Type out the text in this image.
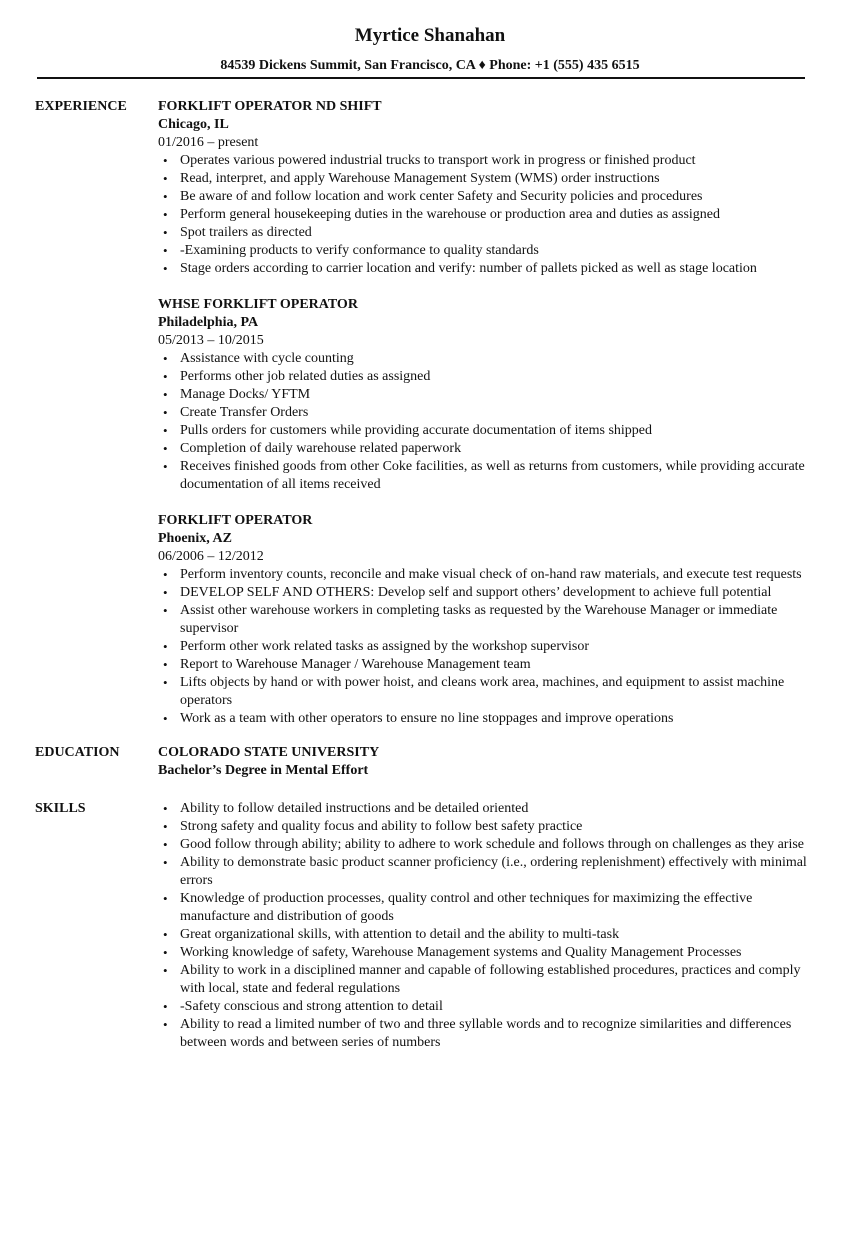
Myrtice Shanahan
84539 Dickens Summit, San Francisco, CA ♦ Phone: +1 (555) 435 6515
EXPERIENCE	FORKLIFT OPERATOR ND SHIFT
Chicago, IL
01/2016 – present
• Operates various powered industrial trucks to transport work in progress or finished product
• Read, interpret, and apply Warehouse Management System (WMS) order instructions
• Be aware of and follow location and work center Safety and Security policies and procedures
• Perform general housekeeping duties in the warehouse or production area and duties as assigned
• Spot trailers as directed
• -Examining products to verify conformance to quality standards
• Stage orders according to carrier location and verify: number of pallets picked as well as stage location
WHSE FORKLIFT OPERATOR
Philadelphia, PA
05/2013 – 10/2015
• Assistance with cycle counting
• Performs other job related duties as assigned
• Manage Docks/ YFTM
• Create Transfer Orders
• Pulls orders for customers while providing accurate documentation of items shipped
• Completion of daily warehouse related paperwork
• Receives finished goods from other Coke facilities, as well as returns from customers, while providing accurate documentation of all items received
FORKLIFT OPERATOR
Phoenix, AZ
06/2006 – 12/2012
• Perform inventory counts, reconcile and make visual check of on-hand raw materials, and execute test requests
• DEVELOP SELF AND OTHERS: Develop self and support others’ development to achieve full potential
• Assist other warehouse workers in completing tasks as requested by the Warehouse Manager or immediate supervisor
• Perform other work related tasks as assigned by the workshop supervisor
• Report to Warehouse Manager / Warehouse Management team
• Lifts objects by hand or with power hoist, and cleans work area, machines, and equipment to assist machine operators
• Work as a team with other operators to ensure no line stoppages and improve operations
EDUCATION	COLORADO STATE UNIVERSITY
Bachelor’s Degree in Mental Effort
SKILLS	• Ability to follow detailed instructions and be detailed oriented
• Strong safety and quality focus and ability to follow best safety practice
• Good follow through ability; ability to adhere to work schedule and follows through on challenges as they arise
• Ability to demonstrate basic product scanner proficiency (i.e., ordering replenishment) effectively with minimal errors
• Knowledge of production processes, quality control and other techniques for maximizing the effective manufacture and distribution of goods
• Great organizational skills, with attention to detail and the ability to multi-task
• Working knowledge of safety, Warehouse Management systems and Quality Management Processes
• Ability to work in a disciplined manner and capable of following established procedures, practices and comply with local, state and federal regulations
• -Safety conscious and strong attention to detail
• Ability to read a limited number of two and three syllable words and to recognize similarities and differences between words and between series of numbers
